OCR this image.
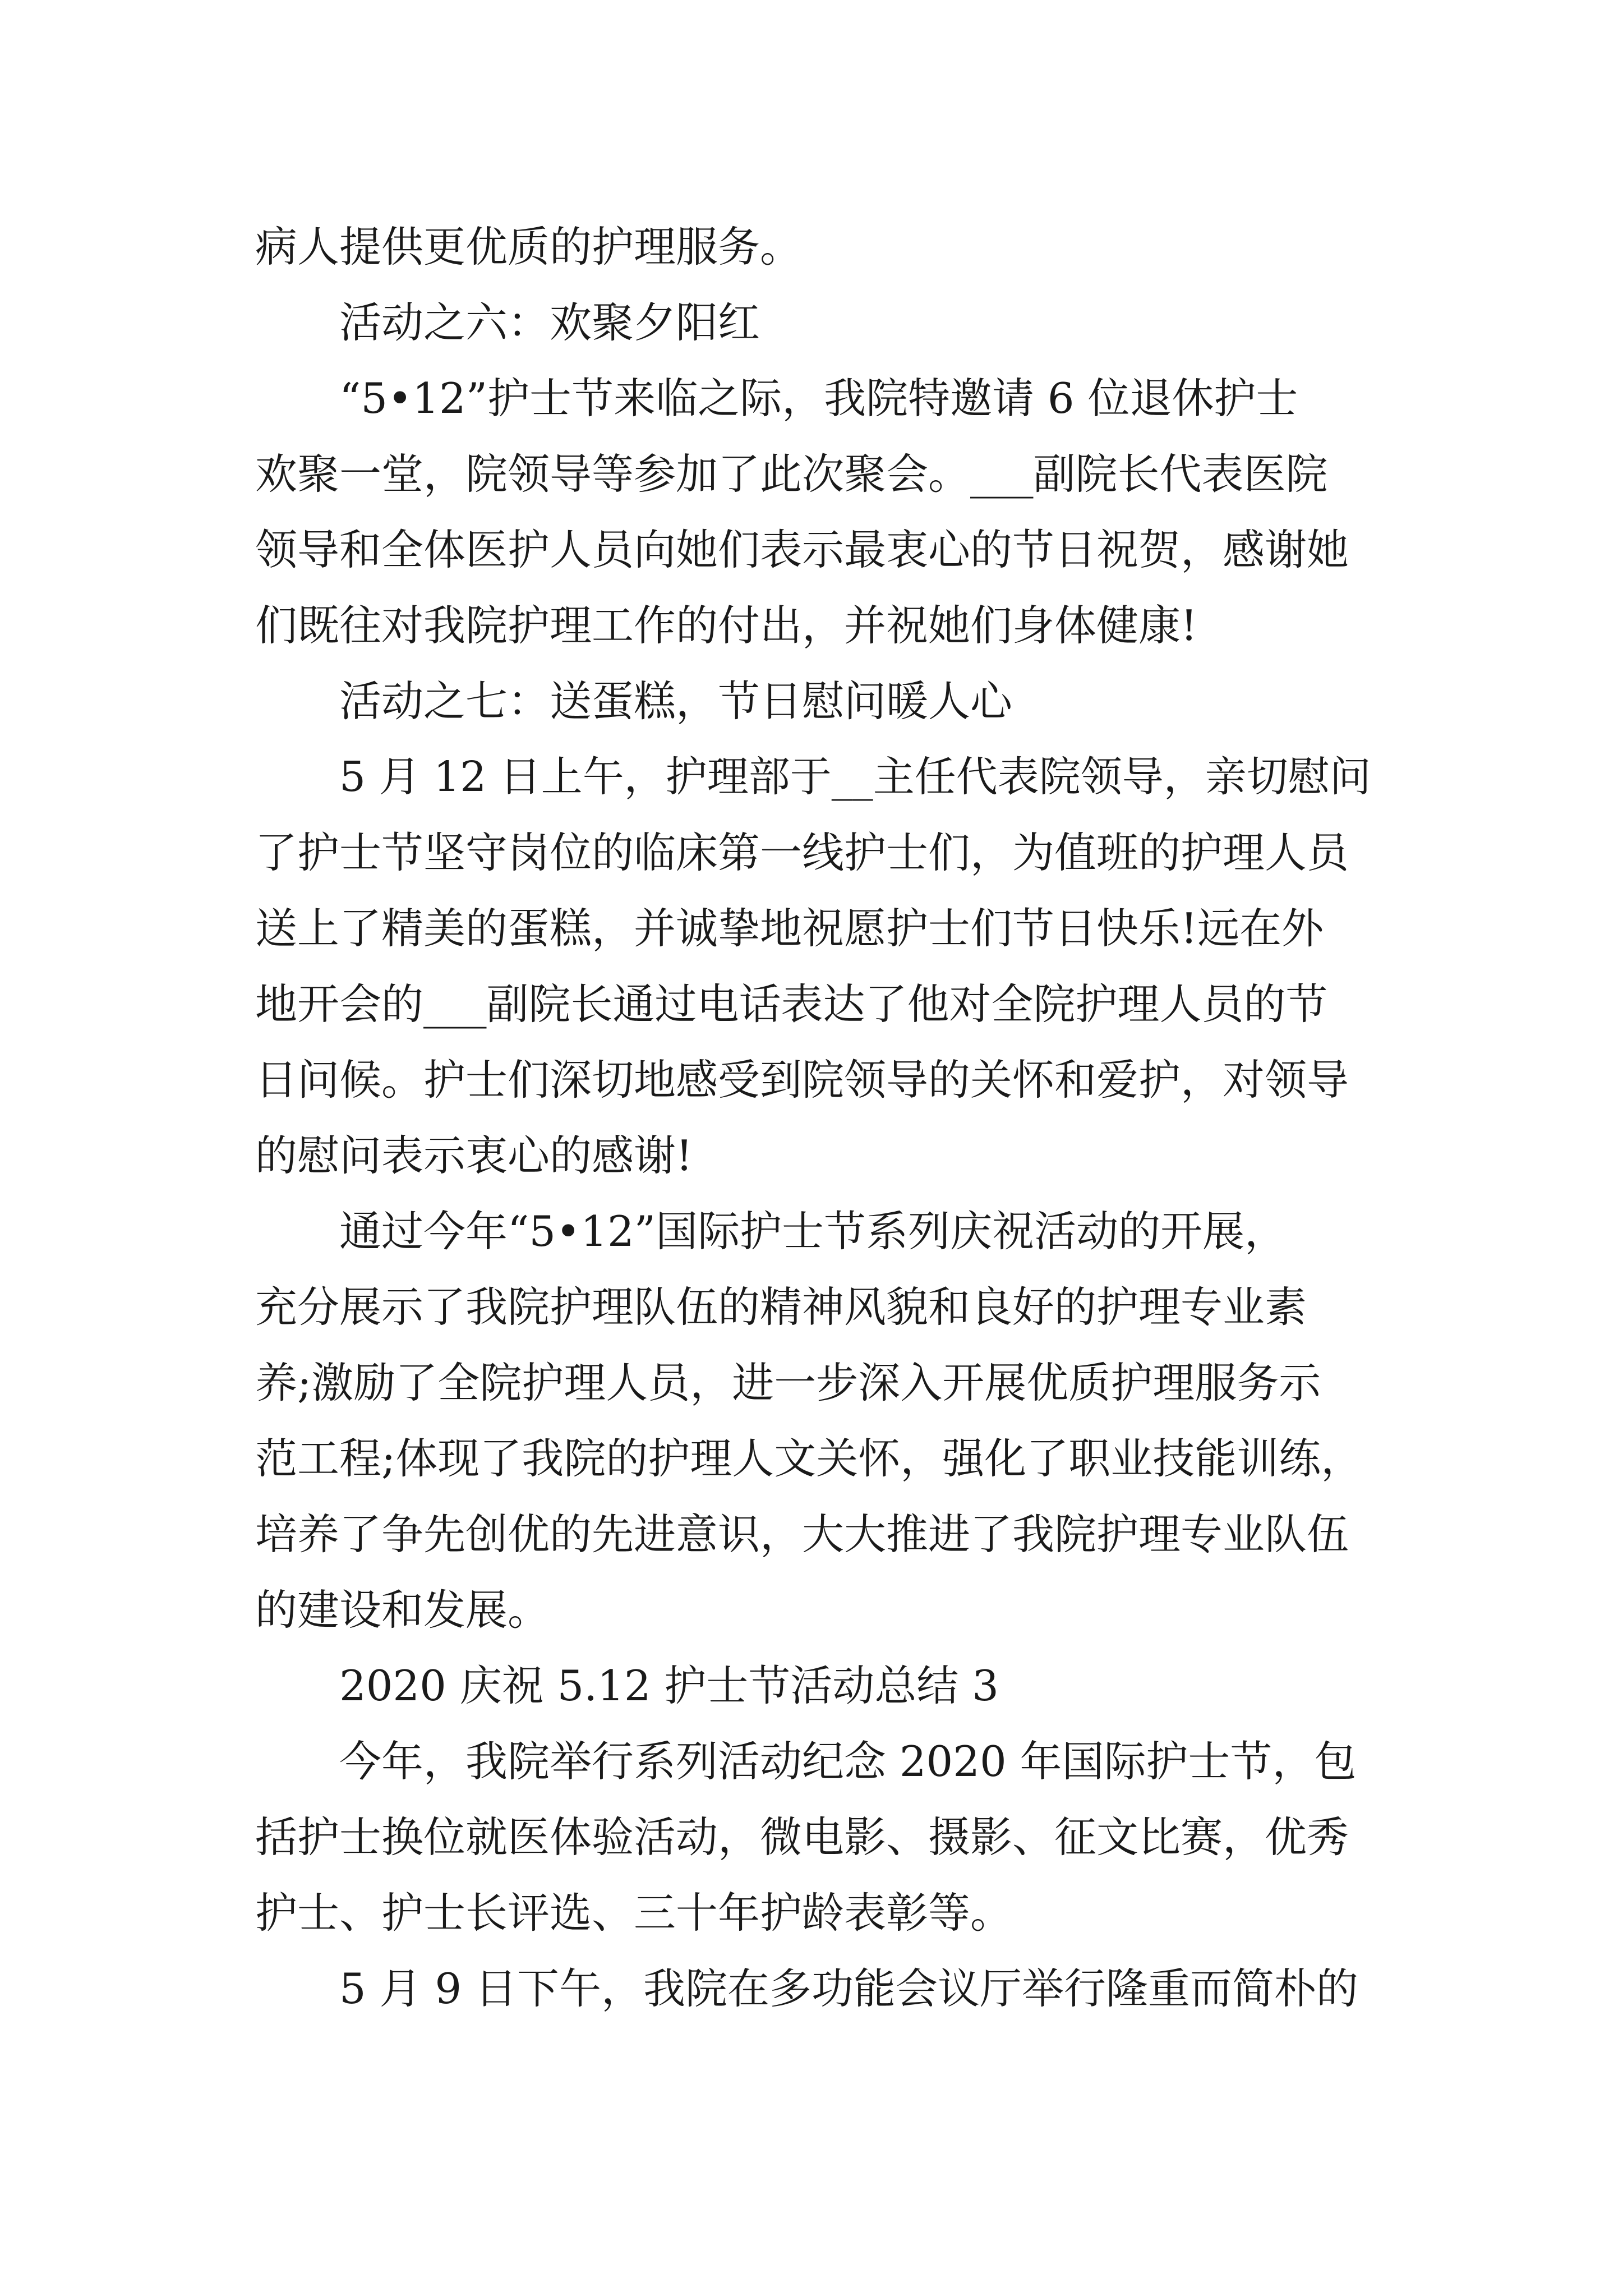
病人提供更优质的护理服务。
活动之六：欢聚夕阳红
“5•12”护士节来临之际，我院特邀请 6 位退休护士
欢聚一堂，院领导等参加了此次聚会。___副院长代表医院
领导和全体医护人员向她们表示最衷心的节日祝贺，感谢她
们既往对我院护理工作的付出，并祝她们身体健康!
活动之七：送蛋糕，节日慰问暖人心
5 月 12 日上午，护理部于__主任代表院领导，亲切慰问
了护士节坚守岗位的临床第一线护士们，为值班的护理人员
送上了精美的蛋糕，并诚挚地祝愿护士们节日快乐!远在外
地开会的___副院长通过电话表达了他对全院护理人员的节
日问候。护士们深切地感受到院领导的关怀和爱护，对领导
的慰问表示衷心的感谢!
通过今年“5•12”国际护士节系列庆祝活动的开展，
充分展示了我院护理队伍的精神风貌和良好的护理专业素
养;激励了全院护理人员，进一步深入开展优质护理服务示
范工程;体现了我院的护理人文关怀，强化了职业技能训练，
培养了争先创优的先进意识，大大推进了我院护理专业队伍
的建设和发展。
2020 庆祝 5.12 护士节活动总结 3
今年，我院举行系列活动纪念 2020 年国际护士节，包
括护士换位就医体验活动，微电影、摄影、征文比赛，优秀
护士、护士长评选、三十年护龄表彰等。
5 月 9 日下午，我院在多功能会议厅举行隆重而简朴的
